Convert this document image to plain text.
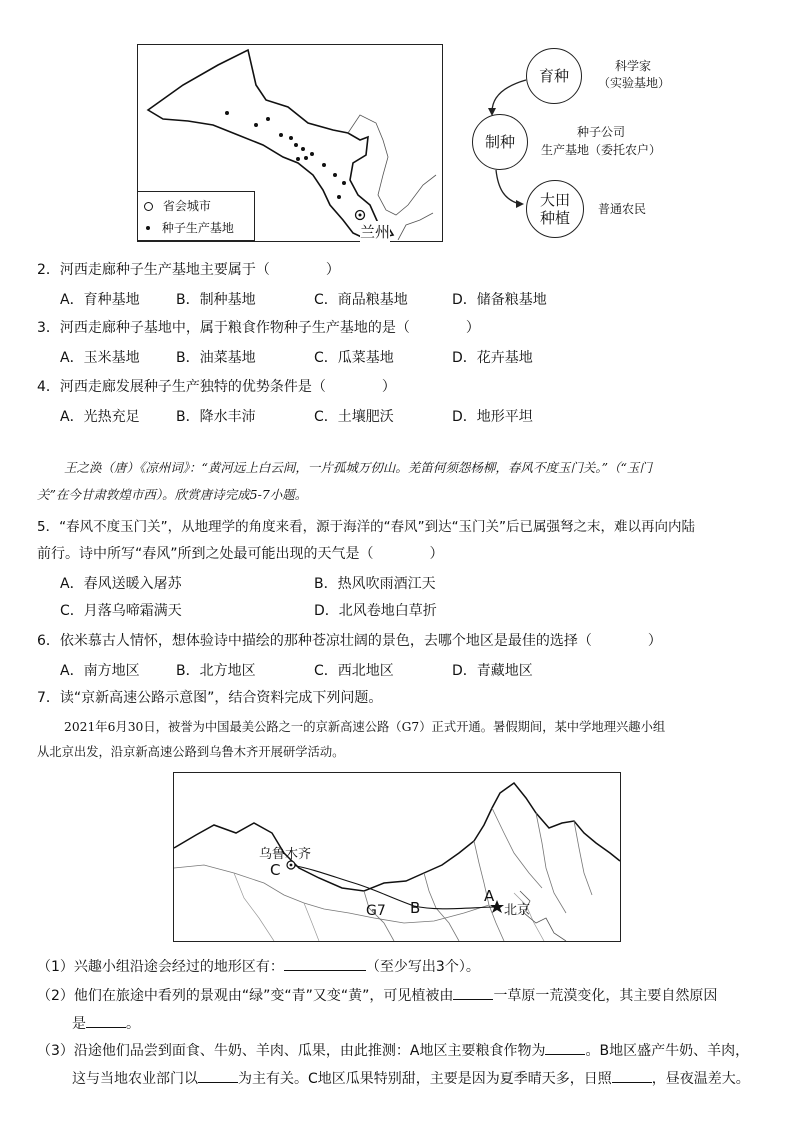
省会城市
种子生产基地	兰州
育种
科学家
（实验基地）
制种
种子公司
生产基地（委托农户）
大田
种植 普通农民
2．河西走廊种子生产基地主要属于（　　　　）
A．育种基地	B．制种基地	C．商品粮基地	D．储备粮基地
3．河西走廊种子基地中，属于粮食作物种子生产基地的是（　　　　）
A．玉米基地	B．油菜基地	C．瓜菜基地	D．花卉基地
4．河西走廊发展种子生产独特的优势条件是（　　　　）
A．光热充足	B．降水丰沛	C．土壤肥沃	D．地形平坦
王之涣（唐）《凉州词》：“黄河远上白云间，一片孤城万仞山。羌笛何须怨杨柳，春风不度玉门关。”（“玉门
关”在今甘肃敦煌市西）。欣赏唐诗完成5-7小题。
5．“春风不度玉门关”，从地理学的角度来看，源于海洋的“春风”到达“玉门关”后已属强弩之末，难以再向内陆
前行。诗中所写“春风”所到之处最可能出现的天气是（　　　　）
A．春风送暖入屠苏	B．热风吹雨酒江天
C．月落乌啼霜满天	D．北风卷地白草折
6．依米慕古人情怀，想体验诗中描绘的那种苍凉壮阔的景色，去哪个地区是最佳的选择（　　　　）
A．南方地区	B．北方地区	C．西北地区	D．青藏地区
7．读“京新高速公路示意图”，结合资料完成下列问题。
2021年6月30日，被誉为中国最美公路之一的京新高速公路（G7）正式开通。暑假期间，某中学地理兴趣小组
从北京出发，沿京新高速公路到乌鲁木齐开展研学活动。
乌鲁木齐
C
G7 B
A
北京
（1）兴趣小组沿途会经过的地形区有：	（至少写出3个）。
（2）他们在旅途中看列的景观由“绿”变“青”又变“黄”，可见植被由	一草原一荒漠变化，其主要自然原因
是	。
（3）沿途他们品尝到面食、牛奶、羊肉、瓜果，由此推测：A地区主要粮食作物为	。B地区盛产牛奶、羊肉，
这与当地农业部门以	为主有关。C地区瓜果特别甜，主要是因为夏季晴天多，日照	，昼夜温差大。
